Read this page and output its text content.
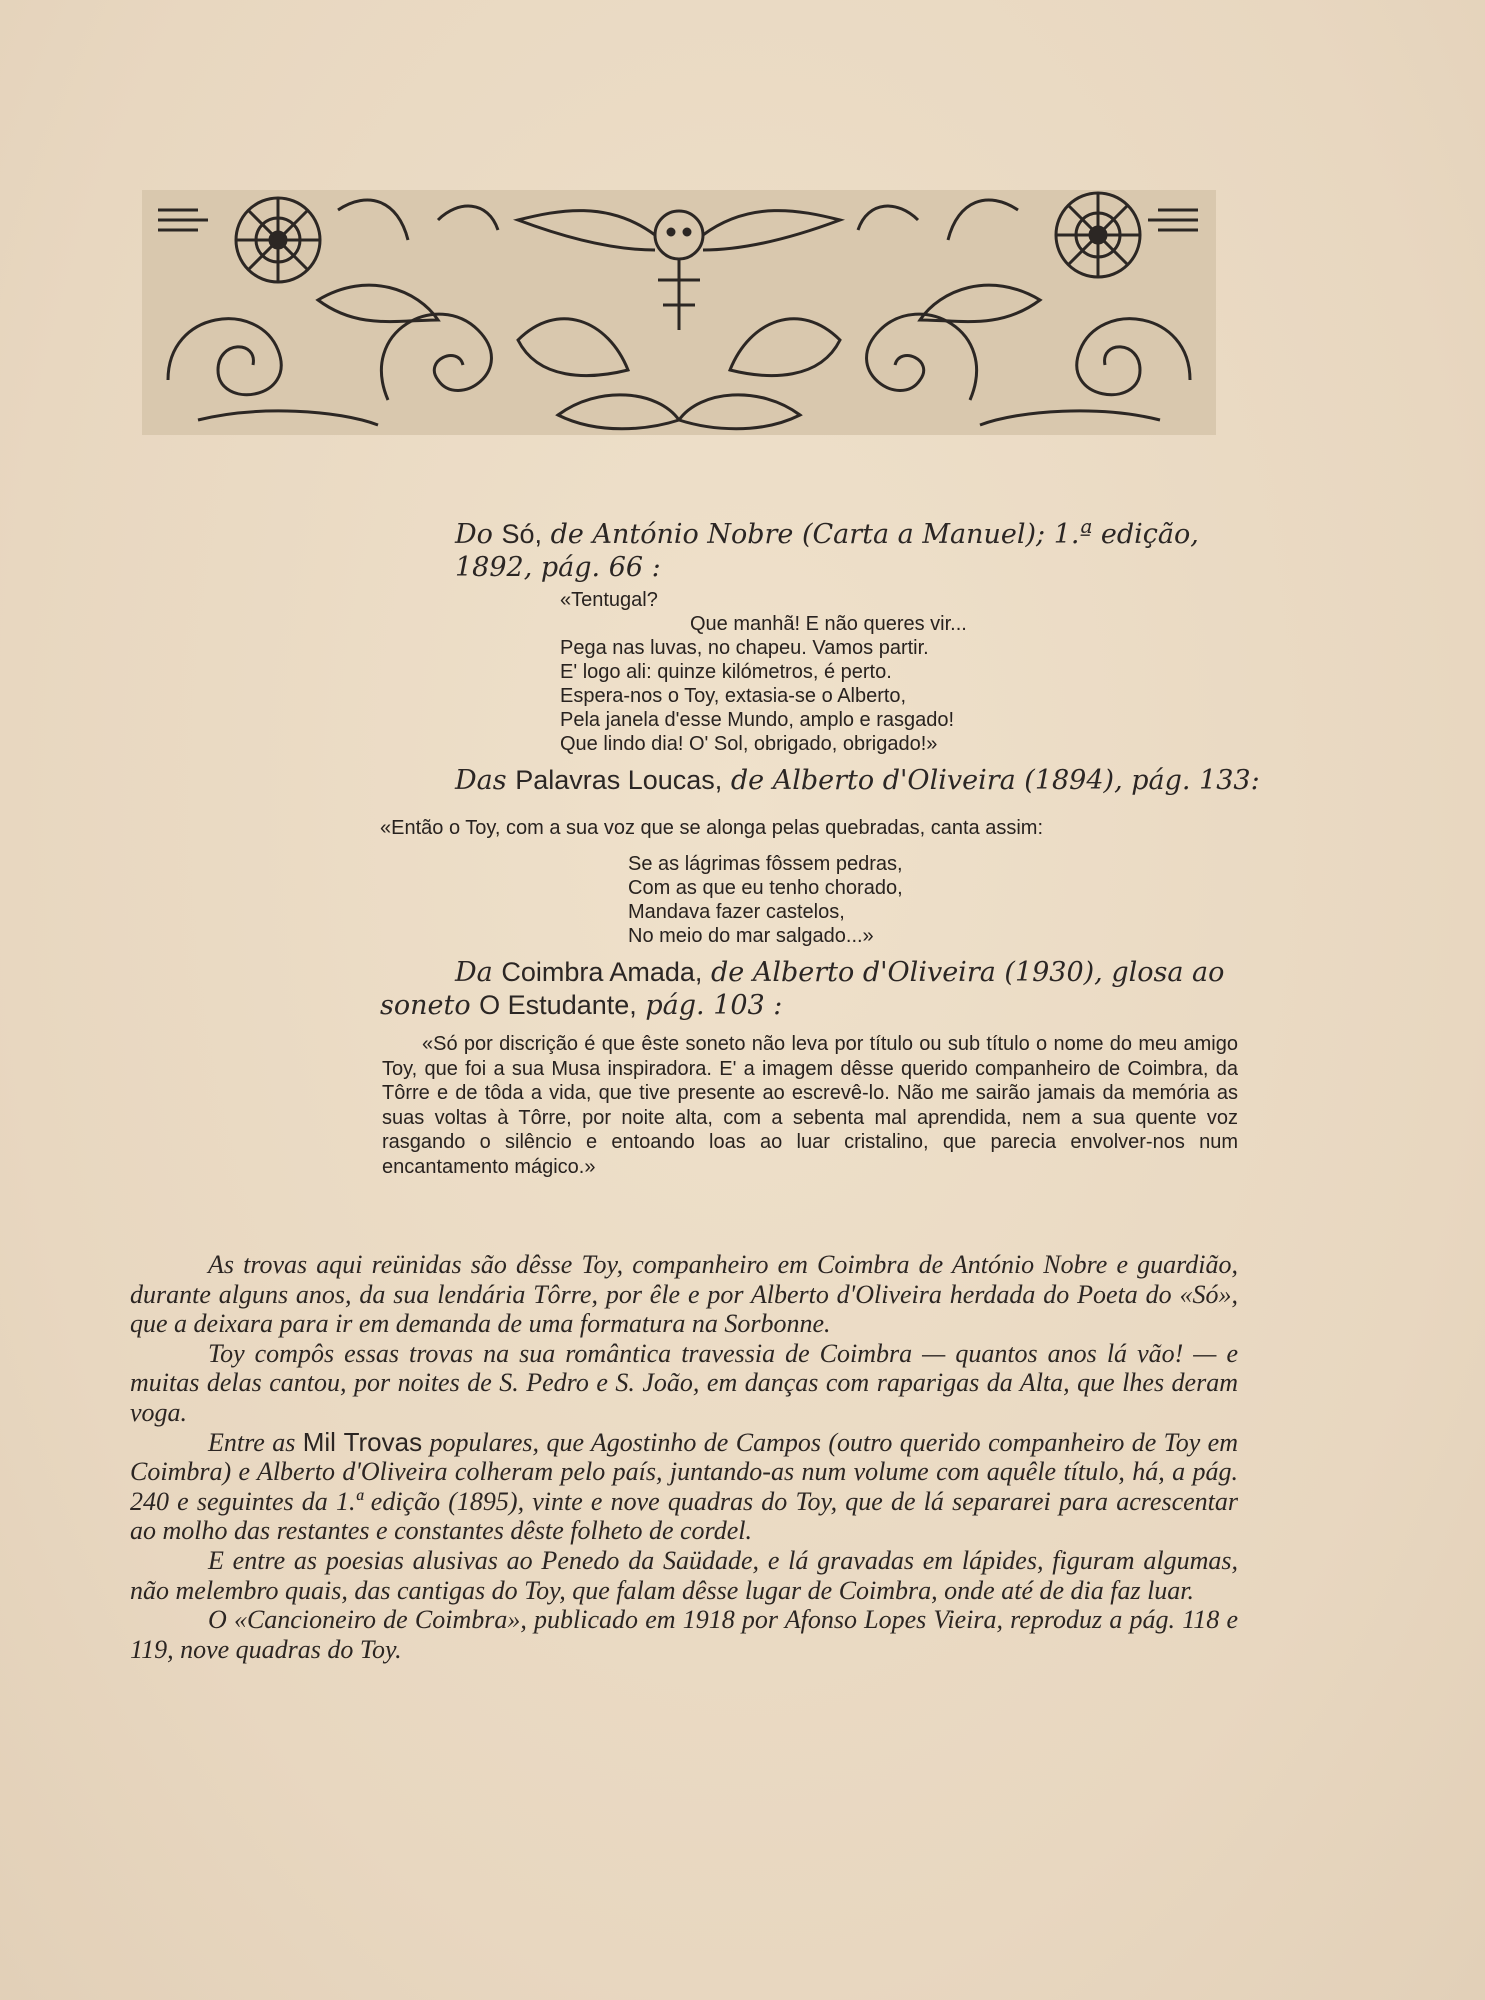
Do Só, de António Nobre (Carta a Manuel); 1.ª edição,
1892, pág. 66 :
«Tentugal?
Que manhã! E não queres vir...
Pega nas luvas, no chapeu. Vamos partir.
E' logo ali: quinze kilómetros, é perto.
Espera-nos o Toy, extasia-se o Alberto,
Pela janela d'esse Mundo, amplo e rasgado!
Que lindo dia! O' Sol, obrigado, obrigado!»
Das Palavras Loucas, de Alberto d'Oliveira (1894), pág. 133:
«Então o Toy, com a sua voz que se alonga pelas quebradas, canta assim:
Se as lágrimas fôssem pedras,
Com as que eu tenho chorado,
Mandava fazer castelos,
No meio do mar salgado...»
Da Coimbra Amada, de Alberto d'Oliveira (1930), glosa ao
soneto O Estudante, pág. 103 :
«Só por discrição é que êste soneto não leva por título ou sub título o nome do meu amigo Toy, que foi a sua Musa inspiradora. E' a imagem dêsse querido companheiro de Coimbra, da Tôrre e de tôda a vida, que tive presente ao escrevê-lo. Não me sairão jamais da memória as suas voltas à Tôrre, por noite alta, com a sebenta mal aprendida, nem a sua quente voz rasgando o silêncio e entoando loas ao luar cristalino, que parecia envolver-nos num encantamento mágico.»
As trovas aqui reünidas são dêsse Toy, companheiro em Coimbra de António Nobre e guardião, durante alguns anos, da sua lendária Tôrre, por êle e por Alberto d'Oliveira herdada do Poeta do «Só», que a deixara para ir em demanda de uma formatura na Sorbonne.
Toy compôs essas trovas na sua romântica travessia de Coimbra — quantos anos lá vão! — e muitas delas cantou, por noites de S. Pedro e S. João, em danças com raparigas da Alta, que lhes deram voga.
Entre as Mil Trovas populares, que Agostinho de Campos (outro querido companheiro de Toy em Coimbra) e Alberto d'Oliveira colheram pelo país, juntando-as num volume com aquêle título, há, a pág. 240 e seguintes da 1.ª edição (1895), vinte e nove quadras do Toy, que de lá separarei para acrescentar ao molho das restantes e constantes dêste folheto de cordel.
E entre as poesias alusivas ao Penedo da Saüdade, e lá gravadas em lápides, figuram algumas, não melembro quais, das cantigas do Toy, que falam dêsse lugar de Coimbra, onde até de dia faz luar.
O «Cancioneiro de Coimbra», publicado em 1918 por Afonso Lopes Vieira, reproduz a pág. 118 e 119, nove quadras do Toy.
